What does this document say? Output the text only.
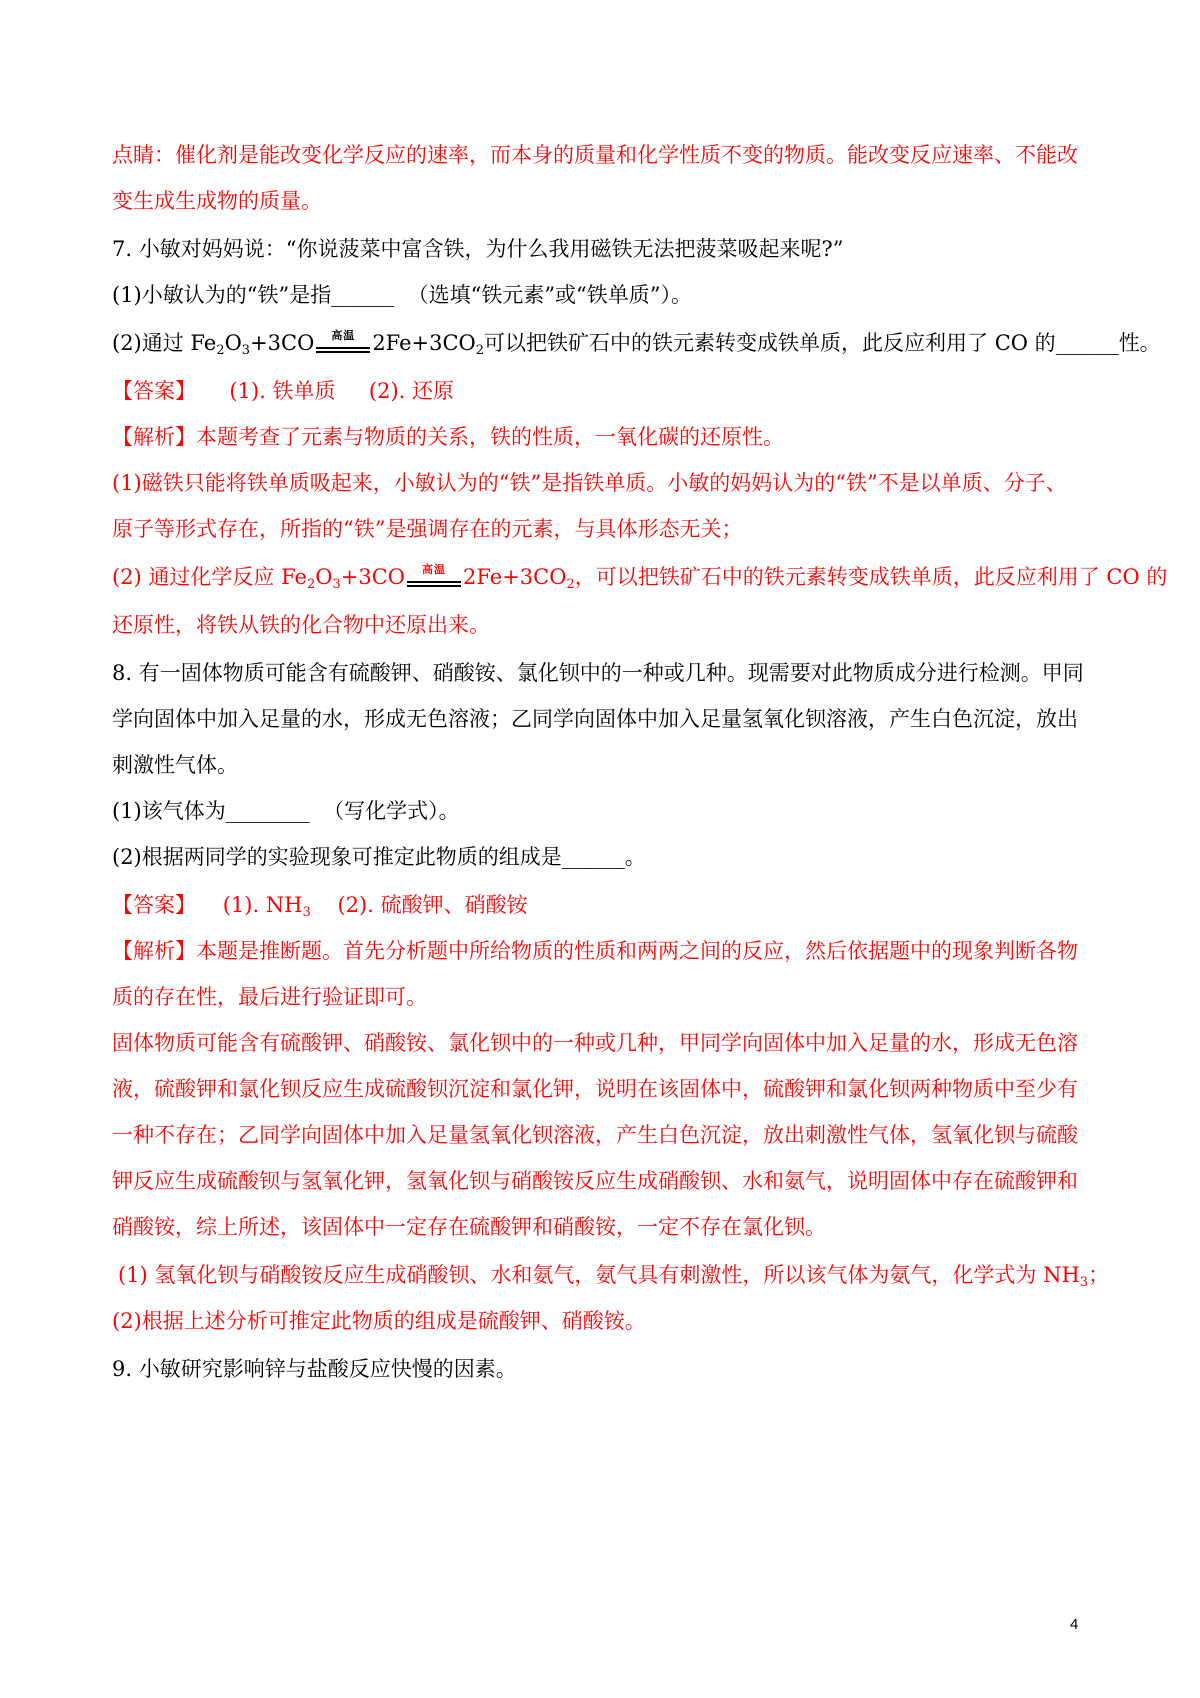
点睛：催化剂是能改变化学反应的速率，而本身的质量和化学性质不变的物质。能改变反应速率、不能改
变生成生成物的质量。
7. 小敏对妈妈说：“你说菠菜中富含铁，为什么我用磁铁无法把菠菜吸起来呢?”
(1)小敏认为的“铁”是指______ （选填“铁元素”或“铁单质”）。
(2)通过 $Fe_2O_3+3CO$	高温 $2Fe+3CO_2$可以把铁矿石中的铁元素转变成铁单质，此反应利用了 CO 的______性。
【答案】 (1). 铁单质 (2). 还原
【解析】本题考查了元素与物质的关系，铁的性质，一氧化碳的还原性。
(1)磁铁只能将铁单质吸起来，小敏认为的“铁”是指铁单质。小敏的妈妈认为的“铁”不是以单质、分子、
原子等形式存在，所指的“铁”是强调存在的元素，与具体形态无关；
(2) 通过化学反应 $Fe_2O_3+3CO$	高温 $2Fe+3CO_2$，可以把铁矿石中的铁元素转变成铁单质，此反应利用了 CO 的
还原性，将铁从铁的化合物中还原出来。
8. 有一固体物质可能含有硫酸钾、硝酸铵、氯化钡中的一种或几种。现需要对此物质成分进行检测。甲同
学向固体中加入足量的水，形成无色溶液；乙同学向固体中加入足量氢氧化钡溶液，产生白色沉淀，放出
刺激性气体。
(1)该气体为________ （写化学式）。
(2)根据两同学的实验现象可推定此物质的组成是______。
【答案】 (1). $NH_3$ (2). 硫酸钾、硝酸铵
【解析】本题是推断题。首先分析题中所给物质的性质和两两之间的反应，然后依据题中的现象判断各物
质的存在性，最后进行验证即可。
固体物质可能含有硫酸钾、硝酸铵、氯化钡中的一种或几种，甲同学向固体中加入足量的水，形成无色溶
液，硫酸钾和氯化钡反应生成硫酸钡沉淀和氯化钾，说明在该固体中，硫酸钾和氯化钡两种物质中至少有
一种不存在；乙同学向固体中加入足量氢氧化钡溶液，产生白色沉淀，放出刺激性气体，氢氧化钡与硫酸
钾反应生成硫酸钡与氢氧化钾，氢氧化钡与硝酸铵反应生成硝酸钡、水和氨气，说明固体中存在硫酸钾和
硝酸铵，综上所述，该固体中一定存在硫酸钾和硝酸铵，一定不存在氯化钡。
(1) 氢氧化钡与硝酸铵反应生成硝酸钡、水和氨气，氨气具有刺激性，所以该气体为氨气，化学式为 $NH_3$；
(2)根据上述分析可推定此物质的组成是硫酸钾、硝酸铵。
9. 小敏研究影响锌与盐酸反应快慢的因素。
4
